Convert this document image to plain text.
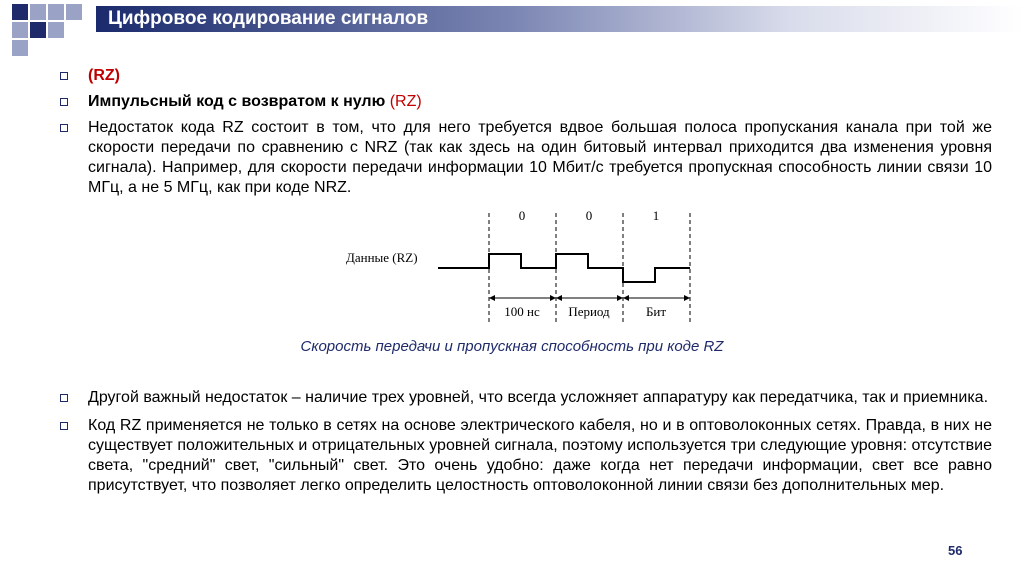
Цифровое кодирование сигналов
(RZ)
Импульсный код с возвратом к нулю (RZ)
Недостаток кода RZ состоит в том, что для него требуется вдвое большая полоса пропускания канала при той же скорости передачи по сравнению с NRZ (так как здесь на один битовый интервал приходится два изменения уровня сигнала). Например, для скорости передачи информации 10 Мбит/с требуется пропускная способность линии связи 10 МГц, а не 5 МГц, как при коде NRZ.
0	0	1
Данные (RZ)
100 нс Период	Бит
Скорость передачи и пропускная способность при коде RZ
Другой важный недостаток – наличие трех уровней, что всегда усложняет аппаратуру как передатчика, так и приемника.
Код RZ применяется не только в сетях на основе электрического кабеля, но и в оптоволоконных сетях. Правда, в них не существует положительных и отрицательных уровней сигнала, поэтому используется три следующие уровня: отсутствие света, "средний" свет, "сильный" свет. Это очень удобно: даже когда нет передачи информации, свет все равно присутствует, что позволяет легко определить целостность оптоволоконной линии связи без дополнительных мер.
56
